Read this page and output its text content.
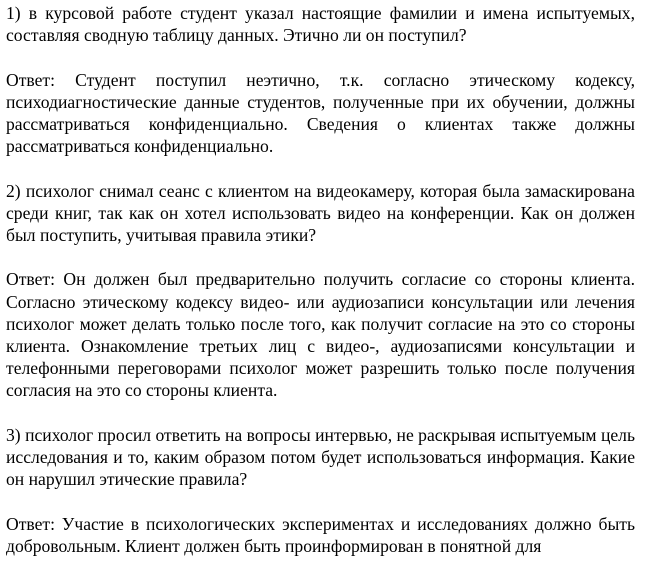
1) в курсовой работе студент указал настоящие фамилии и имена испытуемых, составляя сводную таблицу данных. Этично ли он поступил?

Ответ: Студент поступил неэтично, т.к. согласно этическому кодексу, психодиагностические данные студентов, полученные при их обучении, должны рассматриваться конфиденциально. Сведения о клиентах также должны рассматриваться конфиденциально.

2) психолог снимал сеанс с клиентом на видеокамеру, которая была замаскирована среди книг, так как он хотел использовать видео на конференции. Как он должен был поступить, учитывая правила этики?

Ответ: Он должен был предварительно получить согласие со стороны клиента. Согласно этическому кодексу видео- или аудиозаписи консультации или лечения психолог может делать только после того, как получит согласие на это со стороны клиента. Ознакомление третьих лиц с видео-, аудиозаписями консультации и телефонными переговорами психолог может разрешить только после получения согласия на это со стороны клиента.

3) психолог просил ответить на вопросы интервью, не раскрывая испытуемым цель исследования и то, каким образом потом будет использоваться информация. Какие он нарушил этические правила?

Ответ: Участие в психологических экспериментах и исследованиях должно быть добровольным. Клиент должен быть проинформирован в понятной для
